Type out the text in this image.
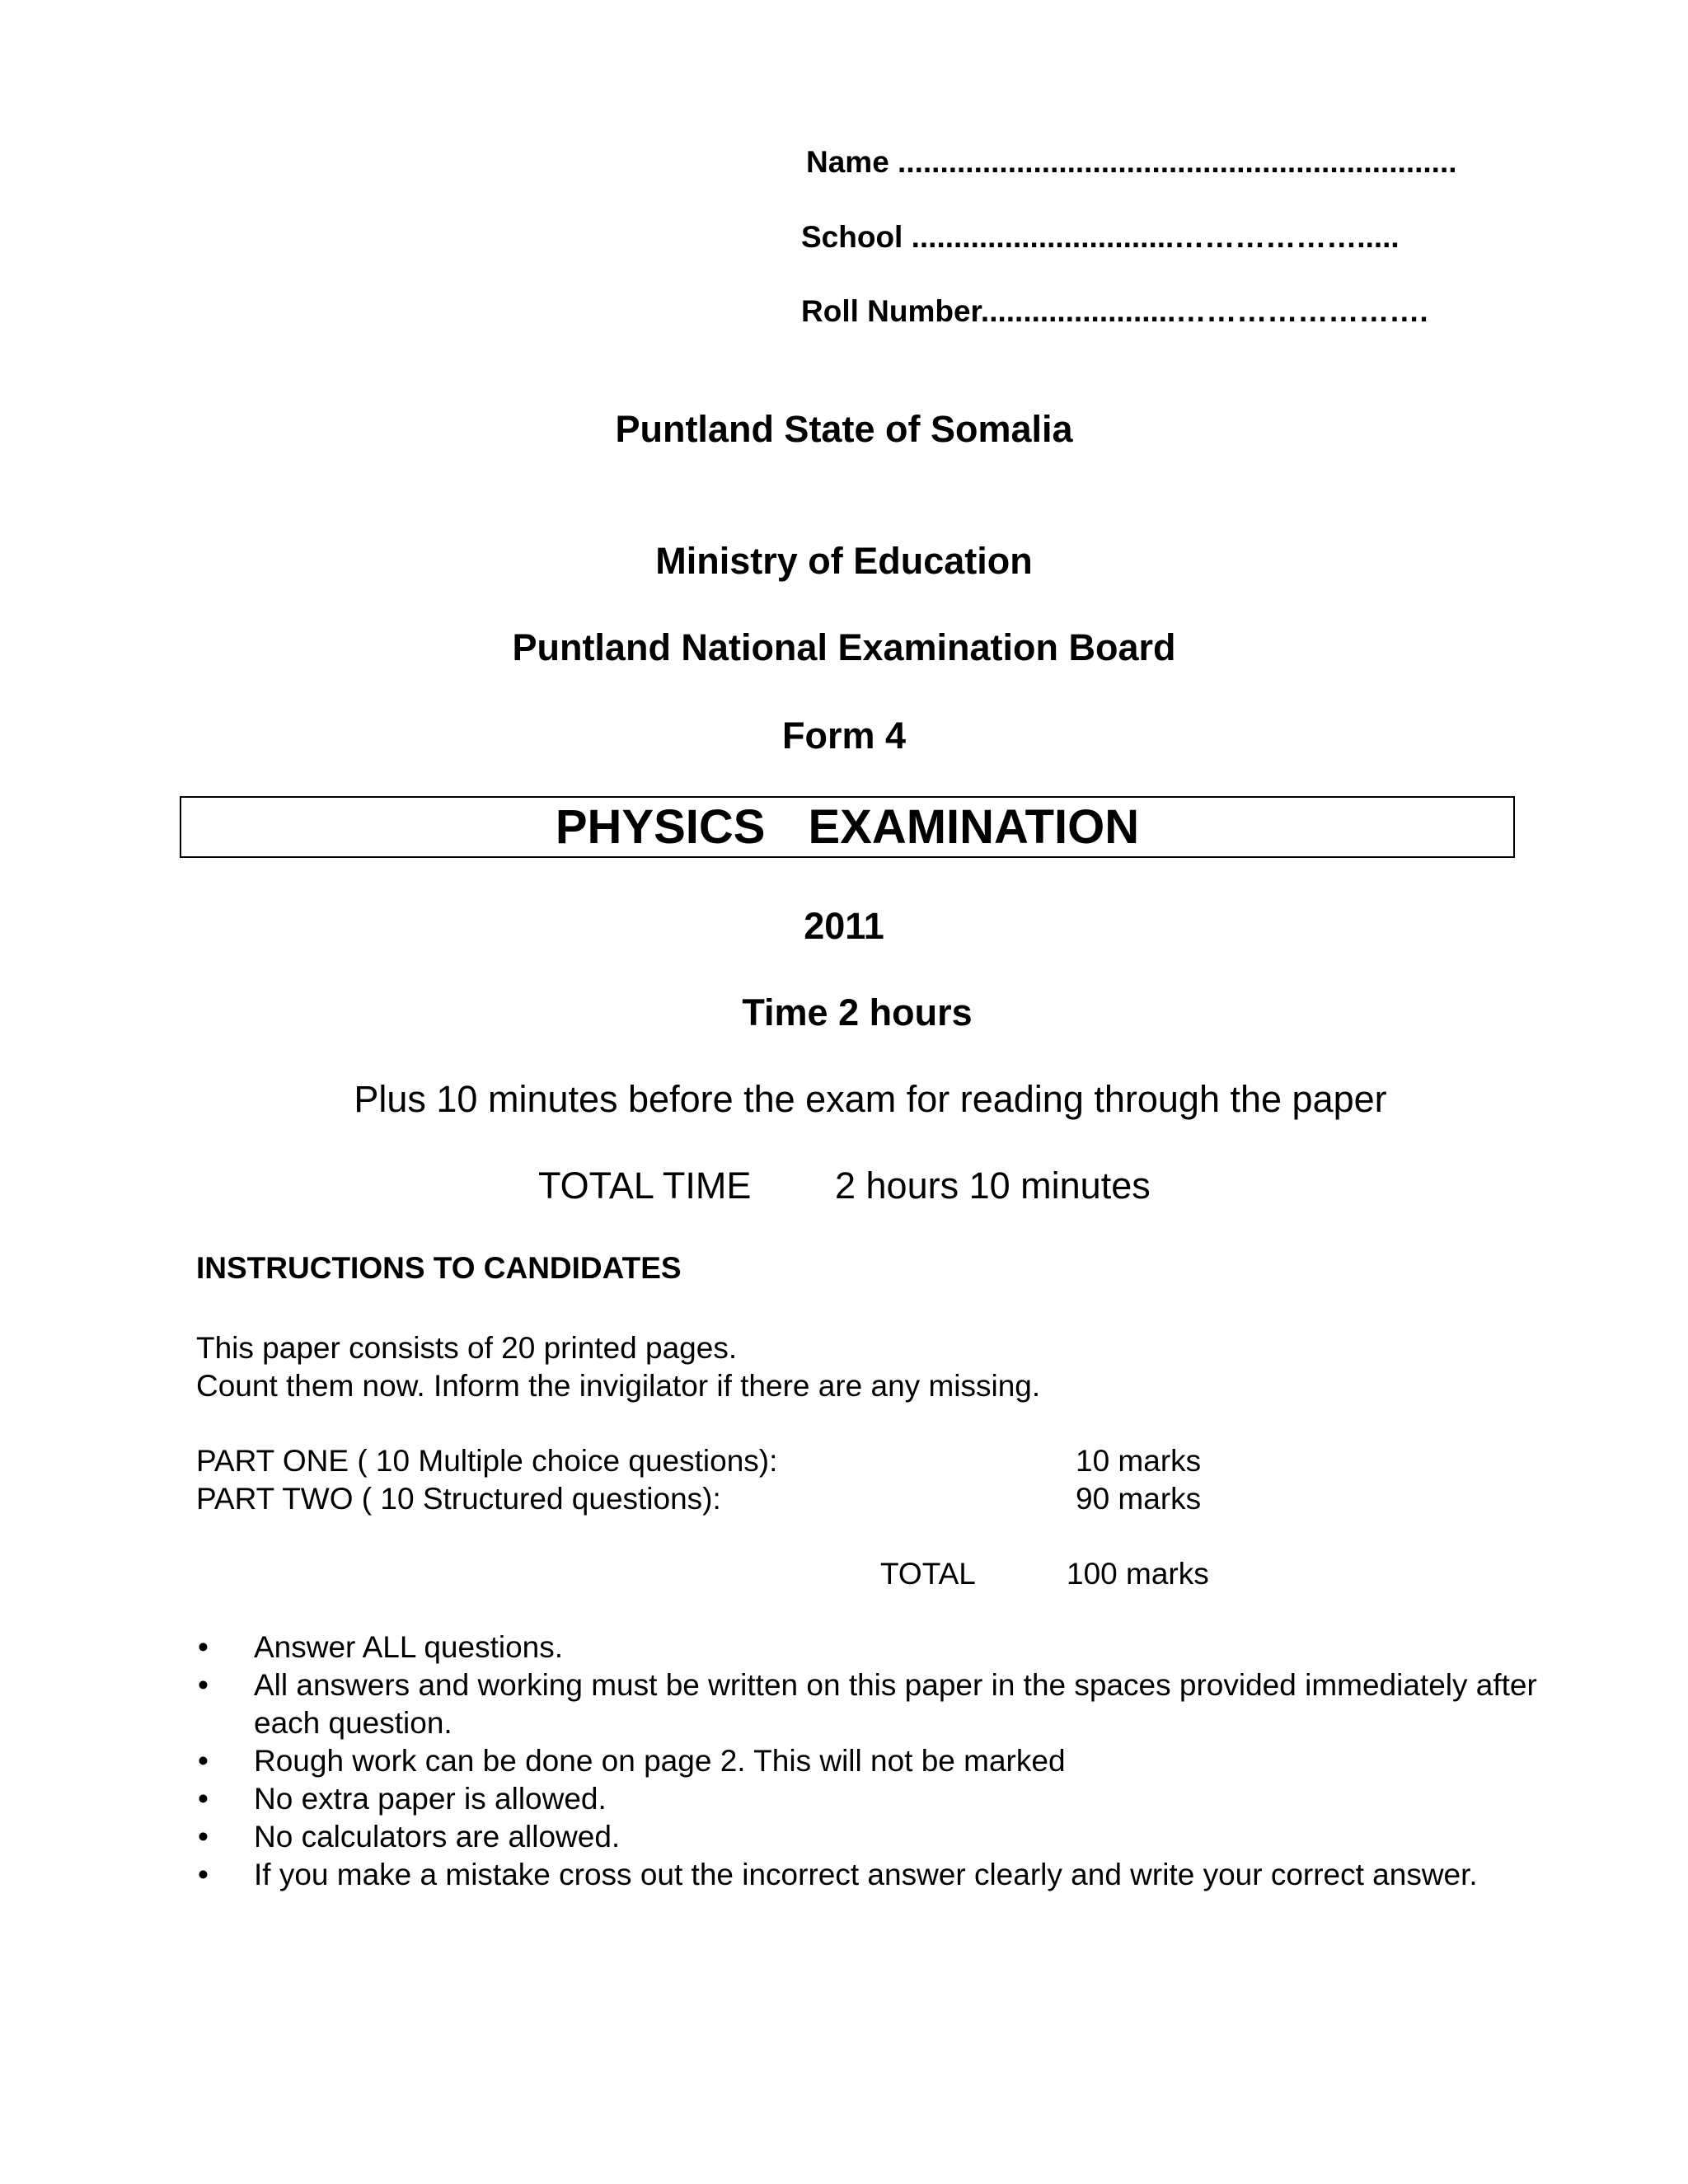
Name ..................................................................
School ...............................……………….....
Roll Number.......................…………………….
Puntland State of Somalia
Ministry of Education
Puntland National Examination Board
Form 4
PHYSICS EXAMINATION
2011
Time 2 hours
Plus 10 minutes before the exam for reading through the paper
TOTAL TIME 2 hours 10 minutes
INSTRUCTIONS TO CANDIDATES
This paper consists of 20 printed pages.
Count them now. Inform the invigilator if there are any missing.
PART ONE ( 10 Multiple choice questions):	10 marks
PART TWO ( 10 Structured questions):	90 marks
TOTAL	100 marks
• Answer ALL questions.
• All answers and working must be written on this paper in the spaces provided immediately after each question.
• Rough work can be done on page 2. This will not be marked
• No extra paper is allowed.
• No calculators are allowed.
• If you make a mistake cross out the incorrect answer clearly and write your correct answer.
